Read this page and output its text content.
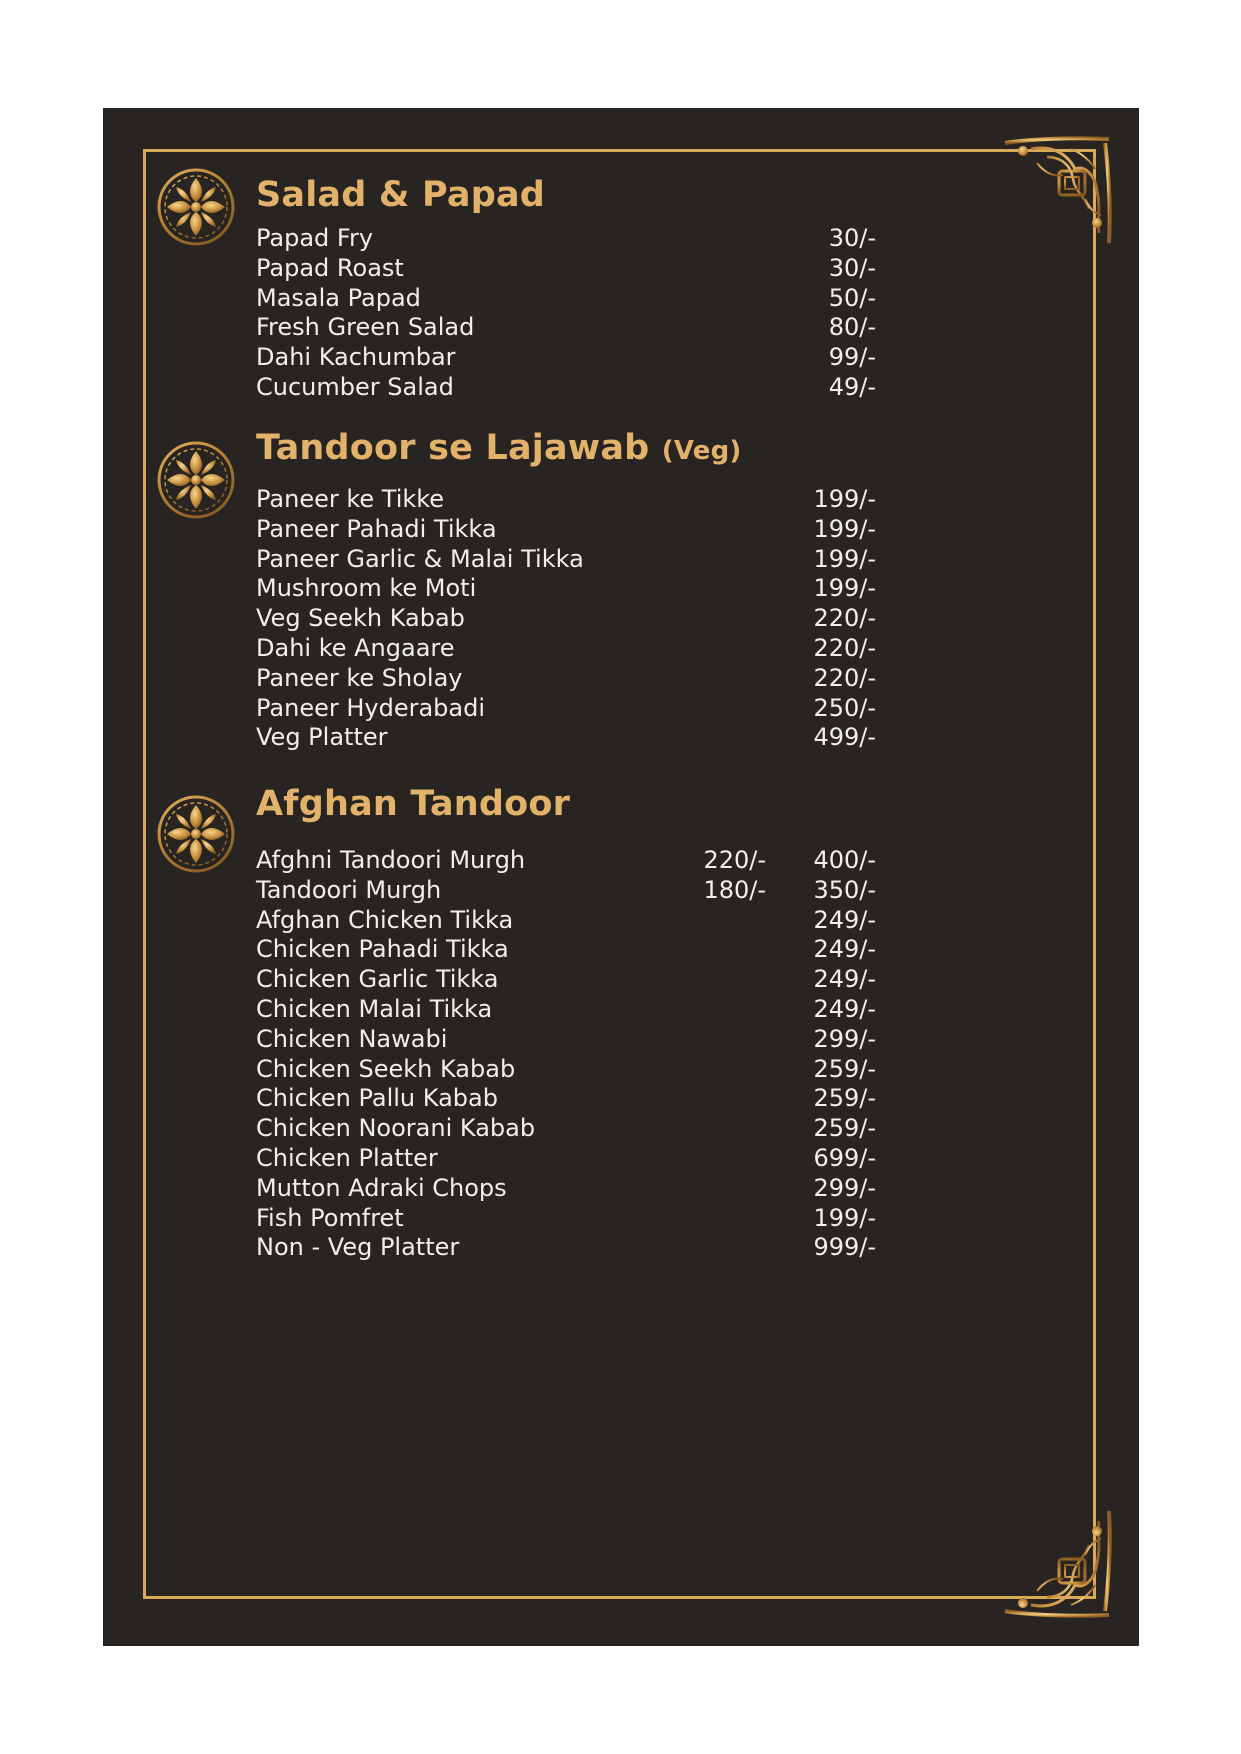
Salad & Papad
Papad Fry	30/-
Papad Roast	30/-
Masala Papad	50/-
Fresh Green Salad	80/-
Dahi Kachumbar	99/-
Cucumber Salad	49/-
Tandoor se Lajawab (Veg)
Paneer ke Tikke	199/-
Paneer Pahadi Tikka	199/-
Paneer Garlic & Malai Tikka	199/-
Mushroom ke Moti	199/-
Veg Seekh Kabab	220/-
Dahi ke Angaare	220/-
Paneer ke Sholay	220/-
Paneer Hyderabadi	250/-
Veg Platter	499/-
Afghan Tandoor
Afghni Tandoori Murgh	220/- 400/-
Tandoori Murgh	180/- 350/-
Afghan Chicken Tikka	249/-
Chicken Pahadi Tikka	249/-
Chicken Garlic Tikka	249/-
Chicken Malai Tikka	249/-
Chicken Nawabi	299/-
Chicken Seekh Kabab	259/-
Chicken Pallu Kabab	259/-
Chicken Noorani Kabab	259/-
Chicken Platter	699/-
Mutton Adraki Chops	299/-
Fish Pomfret	199/-
Non - Veg Platter	999/-
